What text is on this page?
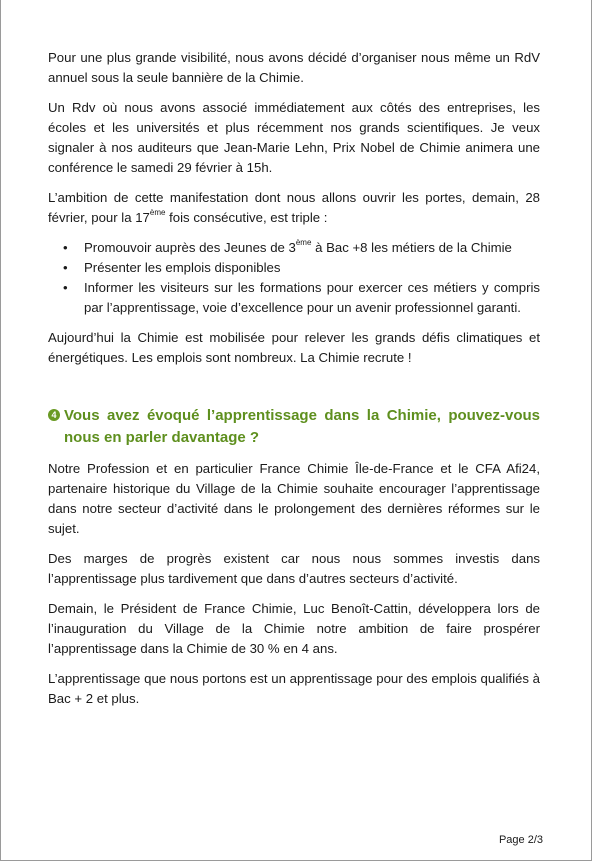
Pour une plus grande visibilité, nous avons décidé d’organiser nous même un RdV annuel sous la seule bannière de la Chimie.

Un Rdv où nous avons associé immédiatement aux côtés des entreprises, les écoles et les universités et plus récemment nos grands scientifiques. Je veux signaler à nos auditeurs que Jean-Marie Lehn, Prix Nobel de Chimie animera une conférence le samedi 29 février à 15h.

L’ambition de cette manifestation dont nous allons ouvrir les portes, demain, 28 février, pour la 17ème fois consécutive, est triple :

• Promouvoir auprès des Jeunes de 3ème à Bac +8 les métiers de la Chimie
• Présenter les emplois disponibles
• Informer les visiteurs sur les formations pour exercer ces métiers y compris par l’apprentissage, voie d’excellence pour un avenir professionnel garanti.

Aujourd’hui la Chimie est mobilisée pour relever les grands défis climatiques et énergétiques. Les emplois sont nombreux. La Chimie recrute !

4 Vous avez évoqué l’apprentissage dans la Chimie, pouvez-vous nous en parler davantage ?

Notre Profession et en particulier France Chimie Île-de-France et le CFA Afi24, partenaire historique du Village de la Chimie souhaite encourager l’apprentissage dans notre secteur d’activité dans le prolongement des dernières réformes sur le sujet.

Des marges de progrès existent car nous nous sommes investis dans l’apprentissage plus tardivement que dans d’autres secteurs d’activité.

Demain, le Président de France Chimie, Luc Benoît-Cattin, développera lors de l’inauguration du Village de la Chimie notre ambition de faire prospérer l’apprentissage dans la Chimie de 30 % en 4 ans.

L’apprentissage que nous portons est un apprentissage pour des emplois qualifiés à Bac + 2 et plus.

Page 2/3
